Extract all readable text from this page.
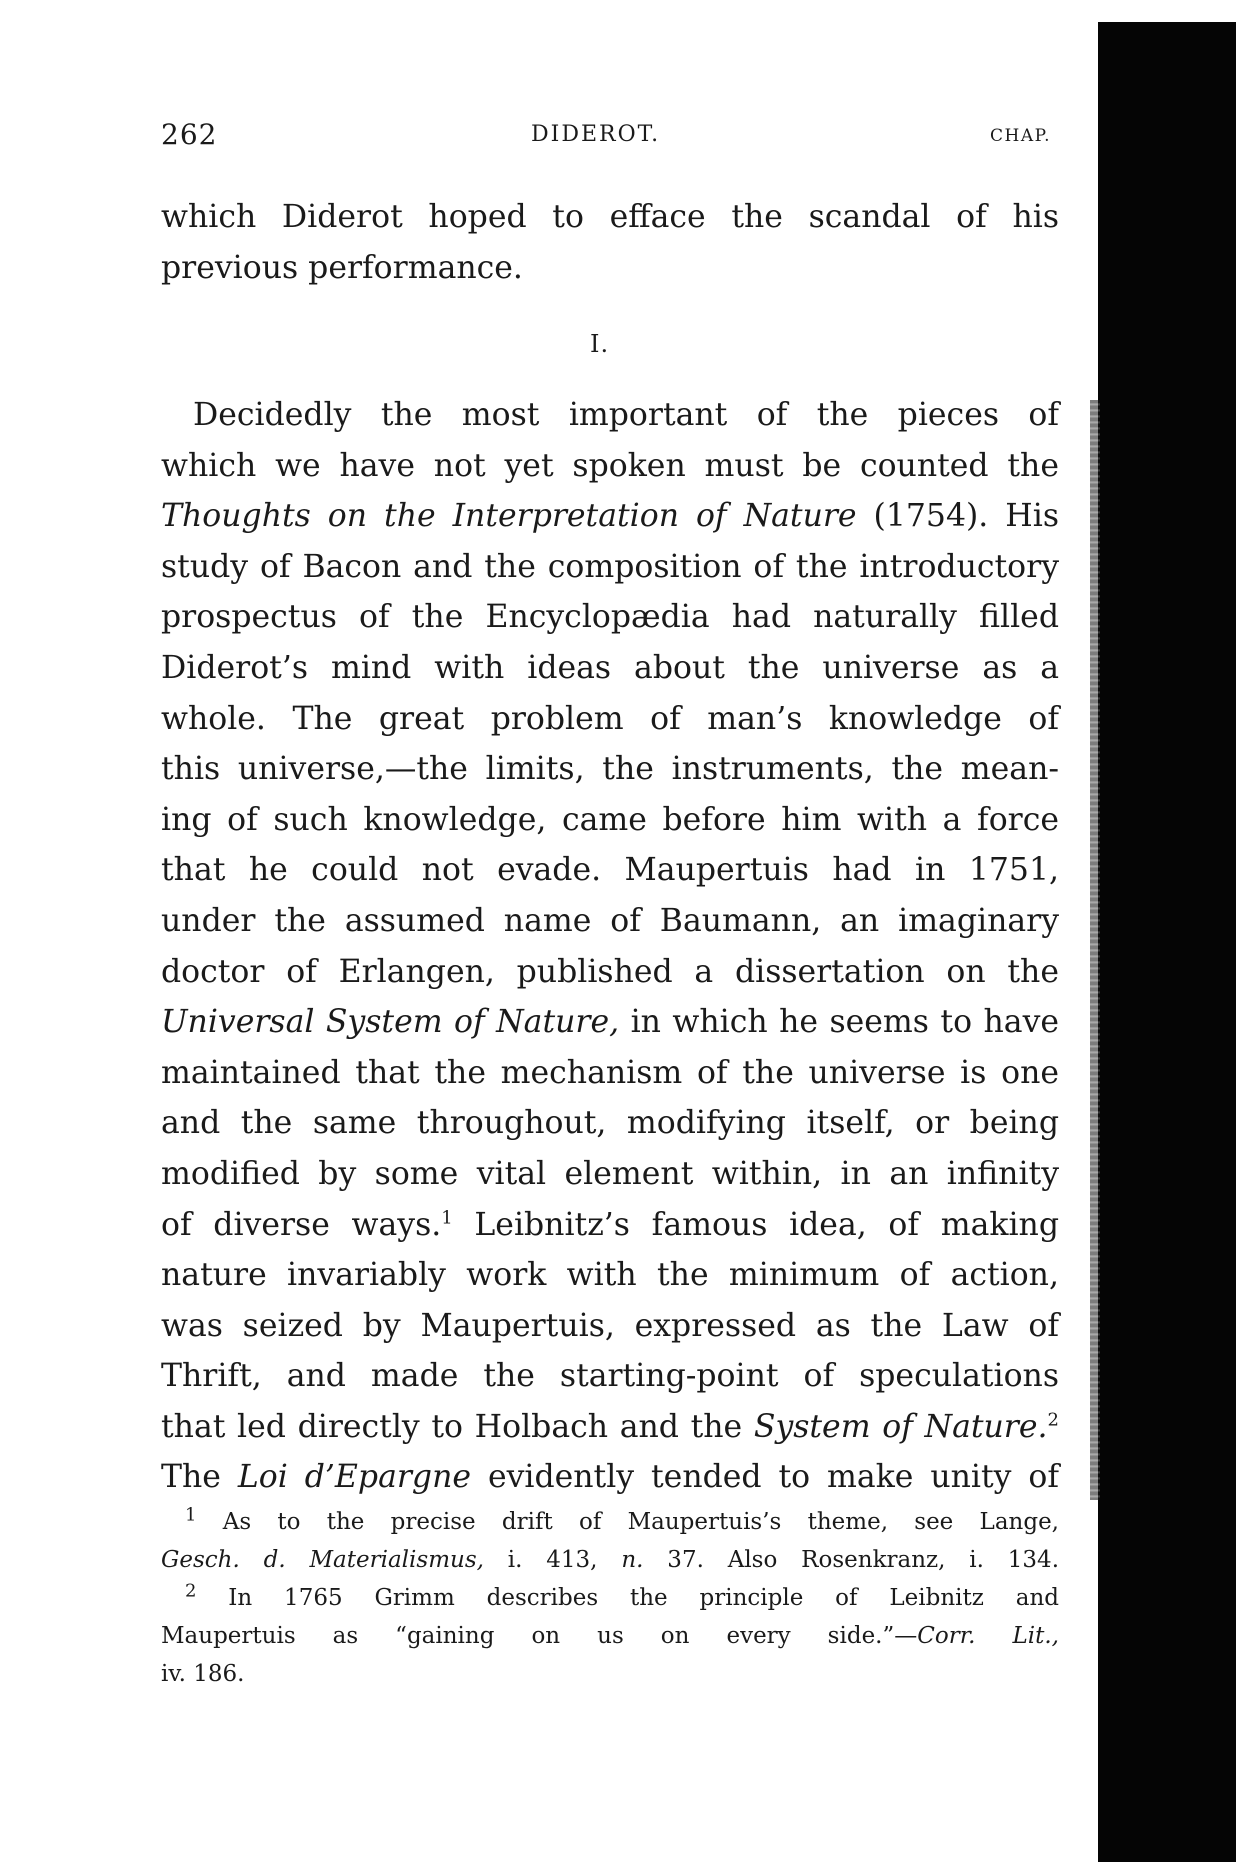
262	DIDEROT.	CHAP.
which Diderot hoped to efface the scandal of his
previous performance.
I.
Decidedly the most important of the pieces of
which we have not yet spoken must be counted the
Thoughts on the Interpretation of Nature (1754). His
study of Bacon and the composition of the introductory
prospectus of the Encyclopædia had naturally filled
Diderot’s mind with ideas about the universe as a
whole. The great problem of man’s knowledge of
this universe,—the limits, the instruments, the mean-
ing of such knowledge, came before him with a force
that he could not evade. Maupertuis had in 1751,
under the assumed name of Baumann, an imaginary
doctor of Erlangen, published a dissertation on the
Universal System of Nature, in which he seems to have
maintained that the mechanism of the universe is one
and the same throughout, modifying itself, or being
modified by some vital element within, in an infinity
of diverse ways.$^1$ Leibnitz’s famous idea, of making
nature invariably work with the minimum of action,
was seized by Maupertuis, expressed as the Law of
Thrift, and made the starting-point of speculations
that led directly to Holbach and the System of Nature.$^2$
The Loi d’Epargne evidently tended to make unity of
$^1$ As to the precise drift of Maupertuis’s theme, see Lange,
Gesch. d. Materialismus, i. 413, n. 37. Also Rosenkranz, i. 134.
$^2$ In 1765 Grimm describes the principle of Leibnitz and
Maupertuis as “gaining on us on every side.”—Corr. Lit.,
iv. 186.
